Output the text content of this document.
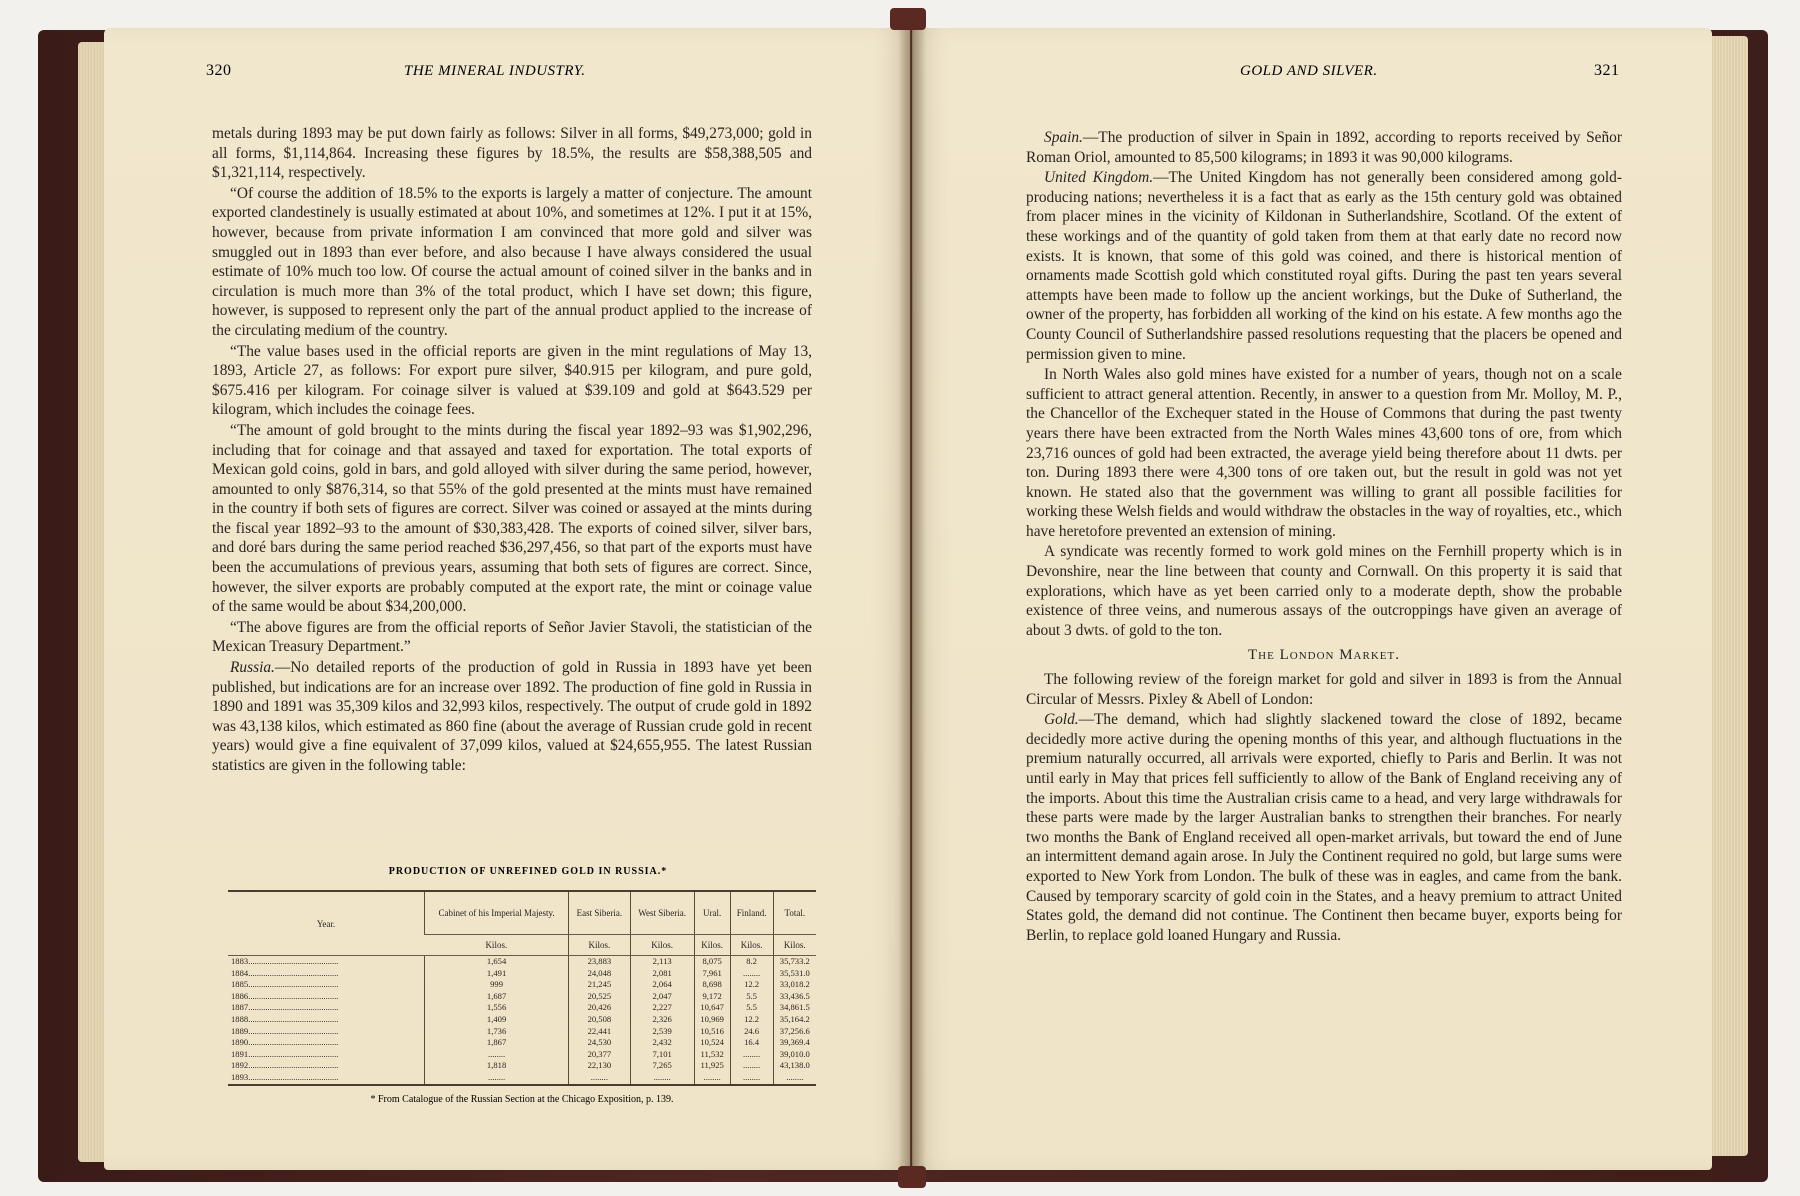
320	THE MINERAL INDUSTRY.

metals during 1893 may be put down fairly as follows: Silver in all forms, $49,273,000; gold in all forms, $1,114,864. Increasing these figures by 18.5%, the results are $58,388,505 and $1,321,114, respectively.

“Of course the addition of 18.5% to the exports is largely a matter of conjecture. The amount exported clandestinely is usually estimated at about 10%, and sometimes at 12%. I put it at 15%, however, because from private information I am convinced that more gold and silver was smuggled out in 1893 than ever before, and also because I have always considered the usual estimate of 10% much too low. Of course the actual amount of coined silver in the banks and in circulation is much more than 3% of the total product, which I have set down; this figure, however, is supposed to represent only the part of the annual product applied to the increase of the circulating medium of the country.

“The value bases used in the official reports are given in the mint regulations of May 13, 1893, Article 27, as follows: For export pure silver, $40.915 per kilogram, and pure gold, $675.416 per kilogram. For coinage silver is valued at $39.109 and gold at $643.529 per kilogram, which includes the coinage fees.

“The amount of gold brought to the mints during the fiscal year 1892–93 was $1,902,296, including that for coinage and that assayed and taxed for exportation. The total exports of Mexican gold coins, gold in bars, and gold alloyed with silver during the same period, however, amounted to only $876,314, so that 55% of the gold presented at the mints must have remained in the country if both sets of figures are correct. Silver was coined or assayed at the mints during the fiscal year 1892–93 to the amount of $30,383,428. The exports of coined silver, silver bars, and doré bars during the same period reached $36,297,456, so that part of the exports must have been the accumulations of previous years, assuming that both sets of figures are correct. Since, however, the silver exports are probably computed at the export rate, the mint or coinage value of the same would be about $34,200,000.

“The above figures are from the official reports of Señor Javier Stavoli, the statistician of the Mexican Treasury Department.”

Russia.—No detailed reports of the production of gold in Russia in 1893 have yet been published, but indications are for an increase over 1892. The production of fine gold in Russia in 1890 and 1891 was 35,309 kilos and 32,993 kilos, respectively. The output of crude gold in 1892 was 43,138 kilos, which estimated as 860 fine (about the average of Russian crude gold in recent years) would give a fine equivalent of 37,099 kilos, valued at $24,655,955. The latest Russian statistics are given in the following table:

PRODUCTION OF UNREFINED GOLD IN RUSSIA.*
Year.	Cabinet of his Imperial Majesty.	East Siberia.	West Siberia.	Ural.	Finland.	Total.
	Kilos.	Kilos.	Kilos.	Kilos.	Kilos.	Kilos.
1883..........................................	1,654	23,883	2,113	8,075	8.2	35,733.2
1884..........................................	1,491	24,048	2,081	7,961	........	35,531.0
1885..........................................	999	21,245	2,064	8,698	12.2	33,018.2
1886..........................................	1,687	20,525	2,047	9,172	5.5	33,436.5
1887..........................................	1,556	20,426	2,227	10,647	5.5	34,861.5
1888..........................................	1,409	20,508	2,326	10,969	12.2	35,164.2
1889..........................................	1,736	22,441	2,539	10,516	24.6	37,256.6
1890..........................................	1,867	24,530	2,432	10,524	16.4	39,369.4
1891..........................................	........	20,377	7,101	11,532	........	39,010.0
1892..........................................	1,818	22,130	7,265	11,925	........	43,138.0
1893..........................................	........	........	........	........	........	........
* From Catalogue of the Russian Section at the Chicago Exposition, p. 139.
GOLD AND SILVER.	321

Spain.—The production of silver in Spain in 1892, according to reports received by Señor Roman Oriol, amounted to 85,500 kilograms; in 1893 it was 90,000 kilograms.

United Kingdom.—The United Kingdom has not generally been considered among gold-producing nations; nevertheless it is a fact that as early as the 15th century gold was obtained from placer mines in the vicinity of Kildonan in Sutherlandshire, Scotland. Of the extent of these workings and of the quantity of gold taken from them at that early date no record now exists. It is known, that some of this gold was coined, and there is historical mention of ornaments made Scottish gold which constituted royal gifts. During the past ten years several attempts have been made to follow up the ancient workings, but the Duke of Sutherland, the owner of the property, has forbidden all working of the kind on his estate. A few months ago the County Council of Sutherlandshire passed resolutions requesting that the placers be opened and permission given to mine.

In North Wales also gold mines have existed for a number of years, though not on a scale sufficient to attract general attention. Recently, in answer to a question from Mr. Molloy, M. P., the Chancellor of the Exchequer stated in the House of Commons that during the past twenty years there have been extracted from the North Wales mines 43,600 tons of ore, from which 23,716 ounces of gold had been extracted, the average yield being therefore about 11 dwts. per ton. During 1893 there were 4,300 tons of ore taken out, but the result in gold was not yet known. He stated also that the government was willing to grant all possible facilities for working these Welsh fields and would withdraw the obstacles in the way of royalties, etc., which have heretofore prevented an extension of mining.

A syndicate was recently formed to work gold mines on the Fernhill property which is in Devonshire, near the line between that county and Cornwall. On this property it is said that explorations, which have as yet been carried only to a moderate depth, show the probable existence of three veins, and numerous assays of the outcroppings have given an average of about 3 dwts. of gold to the ton.

The London Market.

The following review of the foreign market for gold and silver in 1893 is from the Annual Circular of Messrs. Pixley & Abell of London:

Gold.—The demand, which had slightly slackened toward the close of 1892, became decidedly more active during the opening months of this year, and although fluctuations in the premium naturally occurred, all arrivals were exported, chiefly to Paris and Berlin. It was not until early in May that prices fell sufficiently to allow of the Bank of England receiving any of the imports. About this time the Australian crisis came to a head, and very large withdrawals for these parts were made by the larger Australian banks to strengthen their branches. For nearly two months the Bank of England received all open-market arrivals, but toward the end of June an intermittent demand again arose. In July the Continent required no gold, but large sums were exported to New York from London. The bulk of these was in eagles, and came from the bank. Caused by temporary scarcity of gold coin in the States, and a heavy premium to attract United States gold, the demand did not continue. The Continent then became buyer, exports being for Berlin, to replace gold loaned Hungary and Russia.
